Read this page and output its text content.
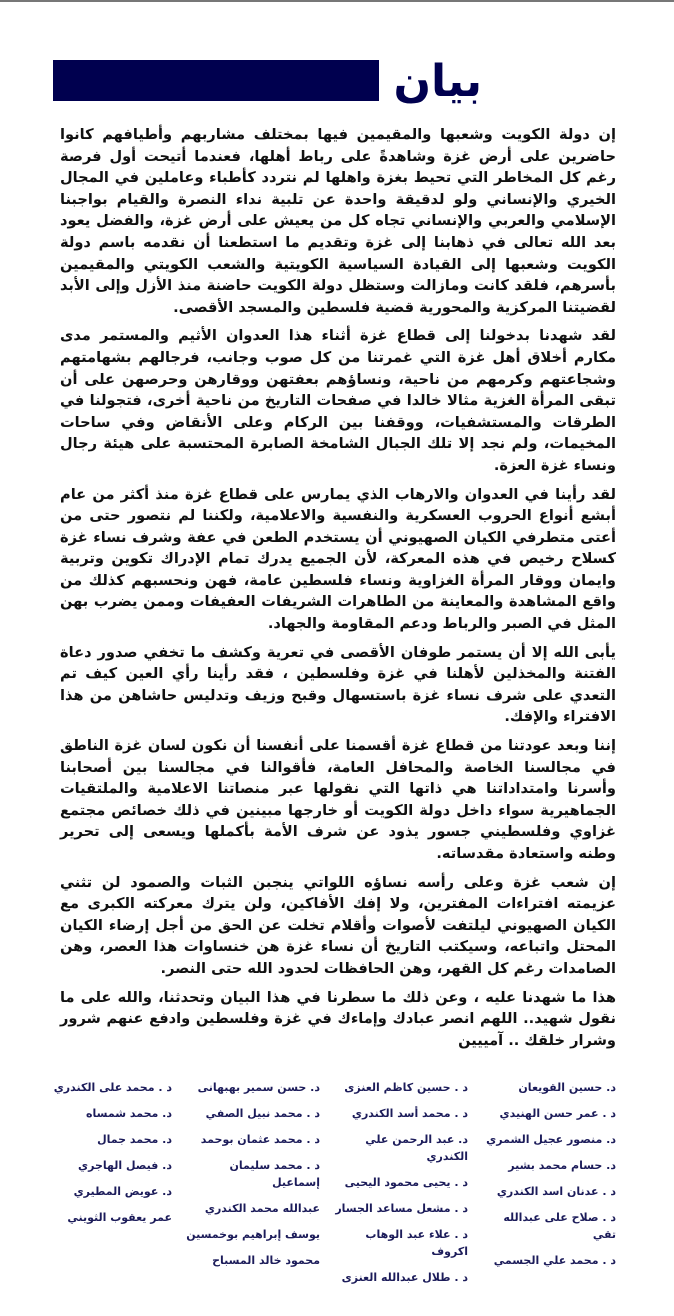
بيان

إن دولة الكويت وشعبها والمقيمين فيها بمختلف مشاربهم وأطيافهم كانوا حاضرين على أرض غزة وشاهدةً على رباط أهلها، فعندما أتيحت أول فرصة رغم كل المخاطر التي تحيط بغزة واهلها لم نتردد كأطباء وعاملين في المجال الخيري والإنساني ولو لدقيقة واحدة عن تلبية نداء النصرة والقيام بواجبنا الإسلامي والعربي والإنساني تجاه كل من يعيش على أرض غزة، والفضل يعود بعد الله تعالى في ذهابنا إلى غزة وتقديم ما استطعنا أن نقدمه باسم دولة الكويت وشعبها إلى القيادة السياسية الكويتية والشعب الكويتي والمقيمين بأسرهم، فلقد كانت ومازالت وستظل دولة الكويت حاضنة منذ الأزل وإلى الأبد لقضيتنا المركزية والمحورية قضية فلسطين والمسجد الأقصى.

لقد شهدنا بدخولنا إلى قطاع غزة أثناء هذا العدوان الأثيم والمستمر مدى مكارم أخلاق أهل غزة التي غمرتنا من كل صوب وجانب، فرجالهم بشهامتهم وشجاعتهم وكرمهم من ناحية، ونساؤهم بعفتهن ووقارهن وحرصهن على أن تبقى المرأة الغزية مثالا خالدا في صفحات التاريخ من ناحية أخرى، فتجولنا في الطرقات والمستشفيات، ووقفنا بين الركام وعلى الأنقاض وفي ساحات المخيمات، ولم نجد إلا تلك الجبال الشامخة الصابرة المحتسبة على هيئة رجال ونساء غزة العزة.

لقد رأينا في العدوان والارهاب الذي يمارس على قطاع غزة منذ أكثر من عام أبشع أنواع الحروب العسكرية والنفسية والاعلامية، ولكننا لم نتصور حتى من أعتى متطرفي الكيان الصهيوني أن يستخدم الطعن في عفة وشرف نساء غزة كسلاح رخيص في هذه المعركة، لأن الجميع يدرك تمام الإدراك تكوين وتربية وايمان ووقار المرأة الغزاوية ونساء فلسطين عامة، فهن ونحسبهم كذلك من واقع المشاهدة والمعاينة من الطاهرات الشريفات العفيفات وممن يضرب بهن المثل في الصبر والرباط ودعم المقاومة والجهاد.

يأبى الله إلا أن يستمر طوفان الأقصى في تعرية وكشف ما تخفي صدور دعاة الفتنة والمخذلين لأهلنا في غزة وفلسطين ، فقد رأينا رأي العين كيف تم التعدي على شرف نساء غزة باستسهال وقبح وزيف وتدليس حاشاهن من هذا الافتراء والإفك.

إننا وبعد عودتنا من قطاع غزة أقسمنا على أنفسنا أن نكون لسان غزة الناطق في مجالسنا الخاصة والمحافل العامة، فأقوالنا في مجالسنا بين أصحابنا وأسرنا وامتداداتنا هي ذاتها التي نقولها عبر منصاتنا الاعلامية والملتقيات الجماهيرية سواء داخل دولة الكويت أو خارجها مبينين في ذلك خصائص مجتمع غزاوي وفلسطيني جسور يذود عن شرف الأمة بأكملها ويسعى إلى تحرير وطنه واستعادة مقدساته.

إن شعب غزة وعلى رأسه نساؤه اللواتي ينجبن الثبات والصمود لن تثني عزيمته افتراءات المفترين، ولا إفك الأفاكين، ولن يترك معركته الكبرى مع الكيان الصهيوني ليلتفت لأصوات وأقلام تخلت عن الحق من أجل إرضاء الكيان المحتل واتباعه، وسيكتب التاريخ أن نساء غزة هن خنساوات هذا العصر، وهن الصامدات رغم كل القهر، وهن الحافظات لحدود الله حتى النصر.

هذا ما شهدنا عليه ، وعن ذلك ما سطرنا في هذا البيان وتحدثنا، والله على ما نقول شهيد.. اللهم انصر عبادك وإماءك في غزة وفلسطين وادفع عنهم شرور وشرار خلقك .. آمييين

د. حسين القويعان
د . عمر حسن الهنيدي
د. منصور عجيل الشمري
د. حسام محمد بشير
د . عدنان اسد الكندري
د . صلاح على عبدالله تقي
د . محمد علي الجسمي
د . حسين كاظم العنزى
د . محمد أسد الكندري
د. عبد الرحمن علي الكندري
د . يحيى محمود اليحيى
د . مشعل مساعد الجسار
د . علاء عبد الوهاب اكروف
د . طلال عبدالله العنزى
د. حسن سمير بهبهانى
د . محمد نبيل الصفي
د . محمد عثمان بوحمد
د . محمد سليمان إسماعيل
عبدالله محمد الكندري
يوسف إبراهيم بوخمسين
محمود خالد المسباح
د . محمد على الكندري
د. محمد شمساه
د. محمد جمال
د. فيصل الهاجري
د. عويض المطيري
عمر يعقوب الثويني
